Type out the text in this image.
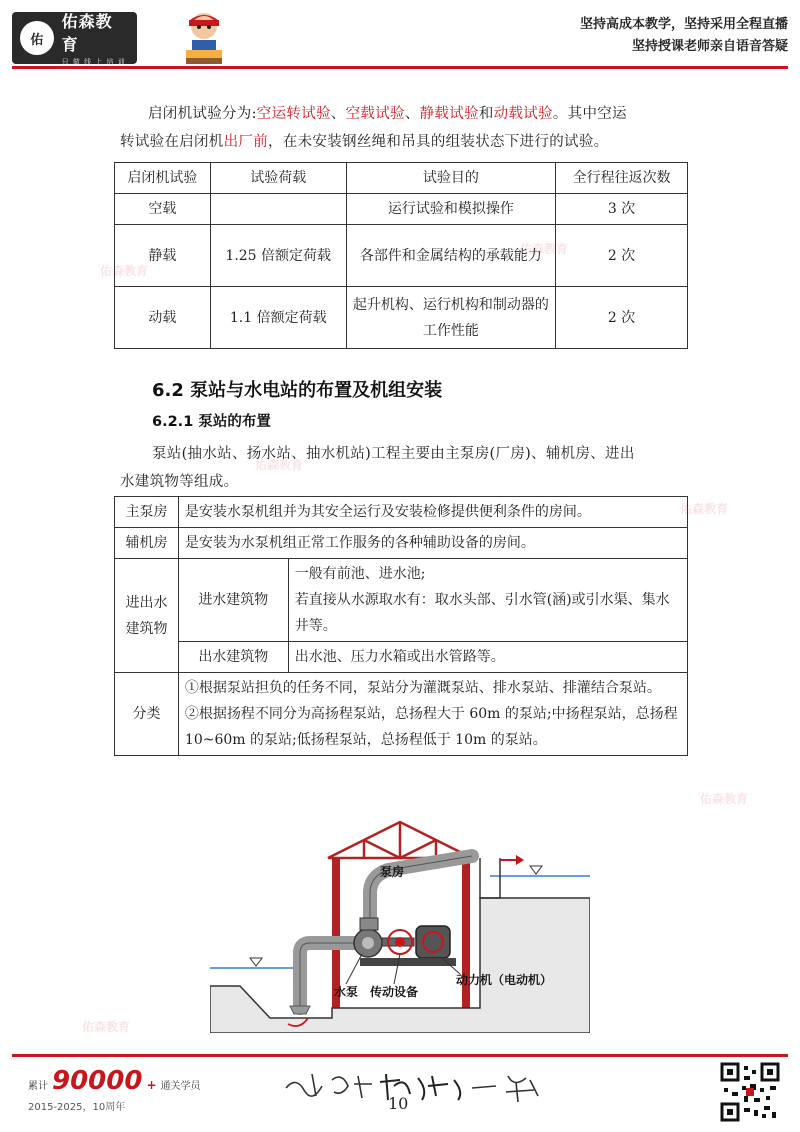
佑
佑森教育
只 做 线 上 培 训
坚持高成本教学，坚持采用全程直播
坚持授课老师亲自语音答疑
佑森教育
佑森教育
佑森教育
佑森教育
佑森教育
佑森教育
启闭机试验分为:空运转试验、空载试验、静载试验和动载试验。其中空运
转试验在启闭机出厂前，在未安装钢丝绳和吊具的组装状态下进行的试验。
启闭机试验	试验荷载	试验目的	全行程往返次数
空载		运行试验和模拟操作	3 次
静载	1.25 倍额定荷载	各部件和金属结构的承载能力	2 次
动载	1.1 倍额定荷载	起升机构、运行机构和制动器的工作性能	2 次
6.2 泵站与水电站的布置及机组安装
6.2.1 泵站的布置
泵站(抽水站、扬水站、抽水机站)工程主要由主泵房(厂房)、辅机房、进出
水建筑物等组成。
主泵房	是安装水泵机组并为其安全运行及安装检修提供便利条件的房间。	
辅机房	是安装为水泵机组正常工作服务的各种辅助设备的房间。	
进出水建筑物	进水建筑物	一般有前池、进水池;
若直接从水源取水有：取水头部、引水管(涵)或引水渠、集水井等。

	出水建筑物	出水池、压力水箱或出水管路等。
分类	①根据泵站担负的任务不同，泵站分为灌溉泵站、排水泵站、排灌结合泵站。
②根据扬程不同分为高扬程泵站，总扬程大于 60m 的泵站;中扬程泵站，总扬程 10~60m 的泵站;低扬程泵站，总扬程低于 10m 的泵站。	
泵房
水泵 传动设备
动力机（电动机）
累计 90000 + 通关学员
2015-2025，10周年	10
